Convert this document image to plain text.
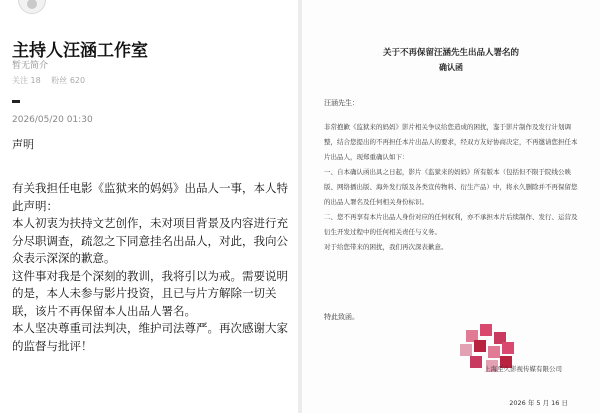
主持人汪涵工作室
暂无简介
关注 18 粉丝 620
2026/05/20 01:30
声明

有关我担任电影《监狱来的妈妈》出品人一事，本人特此声明：

本人初衷为扶持文艺创作，未对项目背景及内容进行充分尽职调查，疏忽之下同意挂名出品人，对此，我向公众表示深深的歉意。

这件事对我是个深刻的教训，我将引以为戒。需要说明的是，本人未参与影片投资，且已与片方解除一切关联，该片不再保留本人出品人署名。

本人坚决尊重司法判决，维护司法尊严。再次感谢大家的监督与批评！

关于不再保留汪涵先生出品人署名的
确认函
汪涵先生：

非常抱歉《监狱来的妈妈》影片相关争议给您造成的困扰，鉴于影片制作及发行计划调整，结合您提出的不再担任本片出品人的要求，经双方友好协商决定，不再邀请您担任本片出品人，现郑重确认如下：

一、自本确认函出具之日起，影片《监狱来的妈妈》所有版本（包括但不限于院线公映版、网络播出版、海外发行版及各类宣传物料、衍生产品）中，将永久删除并不再保留您的出品人署名及任何相关身份标识。

二、您不再享有本片出品人身份对应的任何权利，亦不承担本片后续制作、发行、运营及衍生开发过程中的任何相关责任与义务。

对于给您带来的困扰，我们再次深表歉意。

特此致函。
上海至久影视传媒有限公司
2026 年 5 月 16 日
